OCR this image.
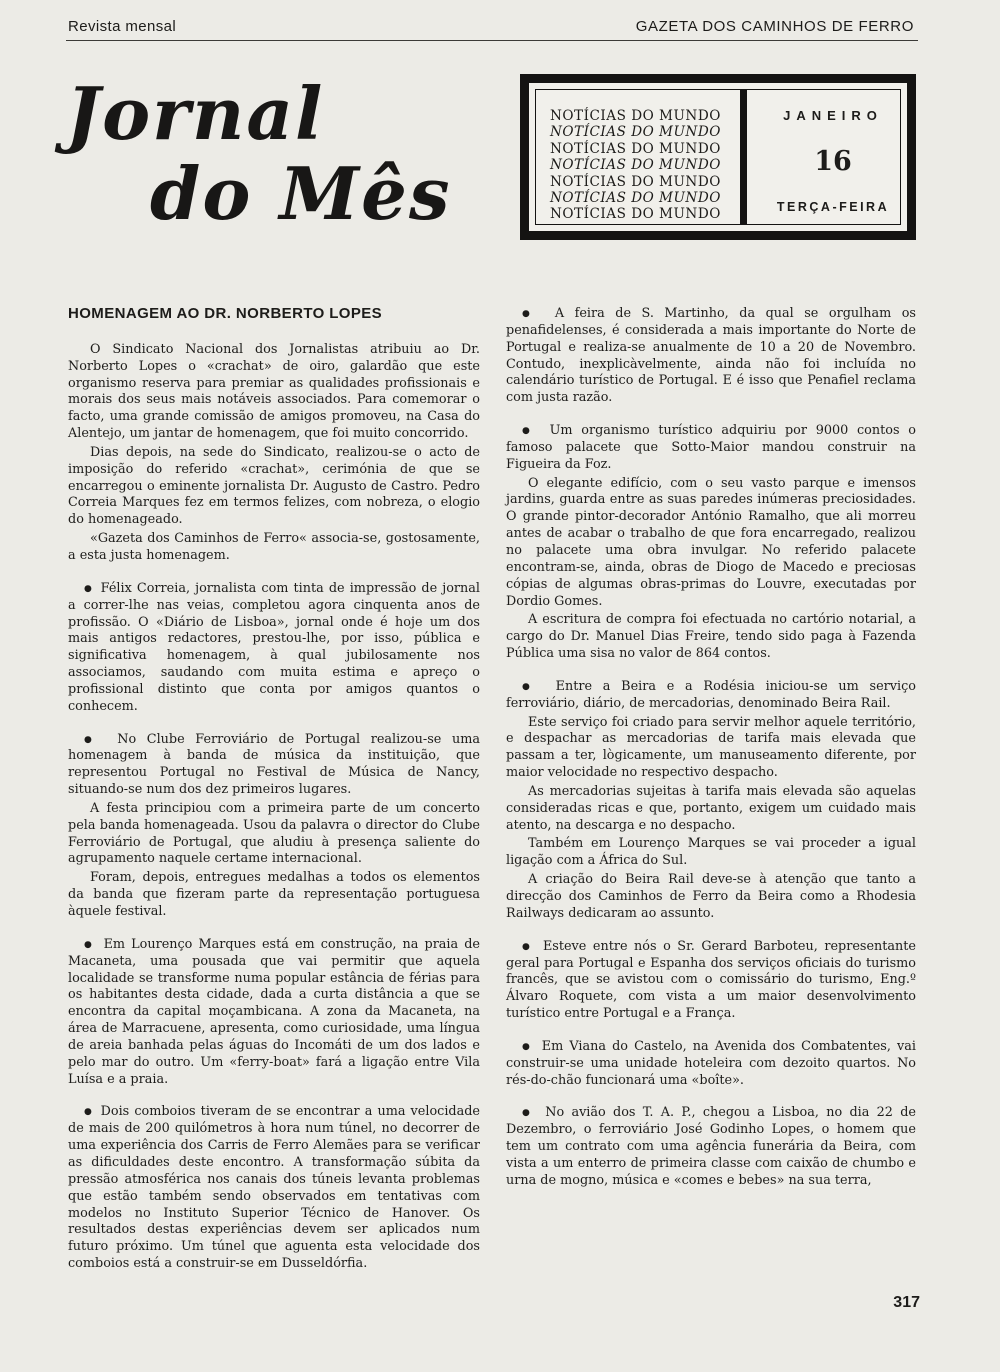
Revista mensal	GAZETA DOS CAMINHOS DE FERRO
Jornal
do Mês
NOTÍCIAS DO MUNDO
NOTÍCIAS DO MUNDO
NOTÍCIAS DO MUNDO
NOTÍCIAS DO MUNDO
NOTÍCIAS DO MUNDO
NOTÍCIAS DO MUNDO
NOTÍCIAS DO MUNDO
JANEIRO
16
TERÇA-FEIRA
HOMENAGEM AO DR. NORBERTO LOPES

O Sindicato Nacional dos Jornalistas atribuiu ao Dr. Norberto Lopes o «crachat» de oiro, galardão que este organismo reserva para premiar as qualidades profissionais e morais dos seus mais notáveis associados. Para comemorar o facto, uma grande comissão de amigos promoveu, na Casa do Alentejo, um jantar de homenagem, que foi muito concorrido.

Dias depois, na sede do Sindicato, realizou-se o acto de imposição do referido «crachat», cerimónia de que se encarregou o eminente jornalista Dr. Augusto de Castro. Pedro Correia Marques fez em termos felizes, com nobreza, o elogio do homenageado.

«Gazeta dos Caminhos de Ferro« associa-se, gostosamente, a esta justa homenagem.

●  Félix Correia, jornalista com tinta de impressão de jornal a correr-lhe nas veias, completou agora cinquenta anos de profissão. O «Diário de Lisboa», jornal onde é hoje um dos mais antigos redactores, prestou-lhe, por isso, pública e significativa homenagem, à qual jubilosamente nos associamos, saudando com muita estima e apreço o profissional distinto que conta por amigos quantos o conhecem.

●  No Clube Ferroviário de Portugal realizou-se uma homenagem à banda de música da instituição, que representou Portugal no Festival de Música de Nancy, situando-se num dos dez primeiros lugares.

A festa principiou com a primeira parte de um concerto pela banda homenageada. Usou da palavra o director do Clube Ferroviário de Portugal, que aludiu à presença saliente do agrupamento naquele certame internacional.

Foram, depois, entregues medalhas a todos os elementos da banda que fizeram parte da representação portuguesa àquele festival.

●  Em Lourenço Marques está em construção, na praia de Macaneta, uma pousada que vai permitir que aquela localidade se transforme numa popular estância de férias para os habitantes desta cidade, dada a curta distância a que se encontra da capital moçambicana. A zona da Macaneta, na área de Marracuene, apresenta, como curiosidade, uma língua de areia banhada pelas águas do Incomáti de um dos lados e pelo mar do outro. Um «ferry-boat» fará a ligação entre Vila Luísa e a praia.

●  Dois comboios tiveram de se encontrar a uma velocidade de mais de 200 quilómetros à hora num túnel, no decorrer de uma experiência dos Carris de Ferro Alemães para se verificar as dificuldades deste encontro. A transformação súbita da pressão atmosférica nos canais dos túneis levanta problemas que estão também sendo observados em tentativas com modelos no Instituto Superior Técnico de Hanover. Os resultados destas experiências devem ser aplicados num futuro próximo. Um túnel que aguenta esta velocidade dos comboios está a construir-se em Dusseldórfia.

●  A feira de S. Martinho, da qual se orgulham os penafidelenses, é considerada a mais importante do Norte de Portugal e realiza-se anualmente de 10 a 20 de Novembro. Contudo, inexplicàvelmente, ainda não foi incluída no calendário turístico de Portugal. E é isso que Penafiel reclama com justa razão.

●  Um organismo turístico adquiriu por 9000 contos o famoso palacete que Sotto-Maior mandou construir na Figueira da Foz.

O elegante edifício, com o seu vasto parque e imensos jardins, guarda entre as suas paredes inúmeras preciosidades. O grande pintor-decorador António Ramalho, que ali morreu antes de acabar o trabalho de que fora encarregado, realizou no palacete uma obra invulgar. No referido palacete encontram-se, ainda, obras de Diogo de Macedo e preciosas cópias de algumas obras-primas do Louvre, executadas por Dordio Gomes.

A escritura de compra foi efectuada no cartório notarial, a cargo do Dr. Manuel Dias Freire, tendo sido paga à Fazenda Pública uma sisa no valor de 864 contos.

●  Entre a Beira e a Rodésia iniciou-se um serviço ferroviário, diário, de mercadorias, denominado Beira Rail.

Este serviço foi criado para servir melhor aquele território, e despachar as mercadorias de tarifa mais elevada que passam a ter, lògicamente, um manuseamento diferente, por maior velocidade no respectivo despacho.

As mercadorias sujeitas à tarifa mais elevada são aquelas consideradas ricas e que, portanto, exigem um cuidado mais atento, na descarga e no despacho.

Também em Lourenço Marques se vai proceder a igual ligação com a África do Sul.

A criação do Beira Rail deve-se à atenção que tanto a direcção dos Caminhos de Ferro da Beira como a Rhodesia Railways dedicaram ao assunto.

●  Esteve entre nós o Sr. Gerard Barboteu, representante geral para Portugal e Espanha dos serviços oficiais do turismo francês, que se avistou com o comissário do turismo, Eng.º Álvaro Roquete, com vista a um maior desenvolvimento turístico entre Portugal e a França.

●  Em Viana do Castelo, na Avenida dos Combatentes, vai construir-se uma unidade hoteleira com dezoito quartos. No rés-do-chão funcionará uma «boîte».

●  No avião dos T. A. P., chegou a Lisboa, no dia 22 de Dezembro, o ferroviário José Godinho Lopes, o homem que tem um contrato com uma agência funerária da Beira, com vista a um enterro de primeira classe com caixão de chumbo e urna de mogno, música e «comes e bebes» na sua terra,

317
